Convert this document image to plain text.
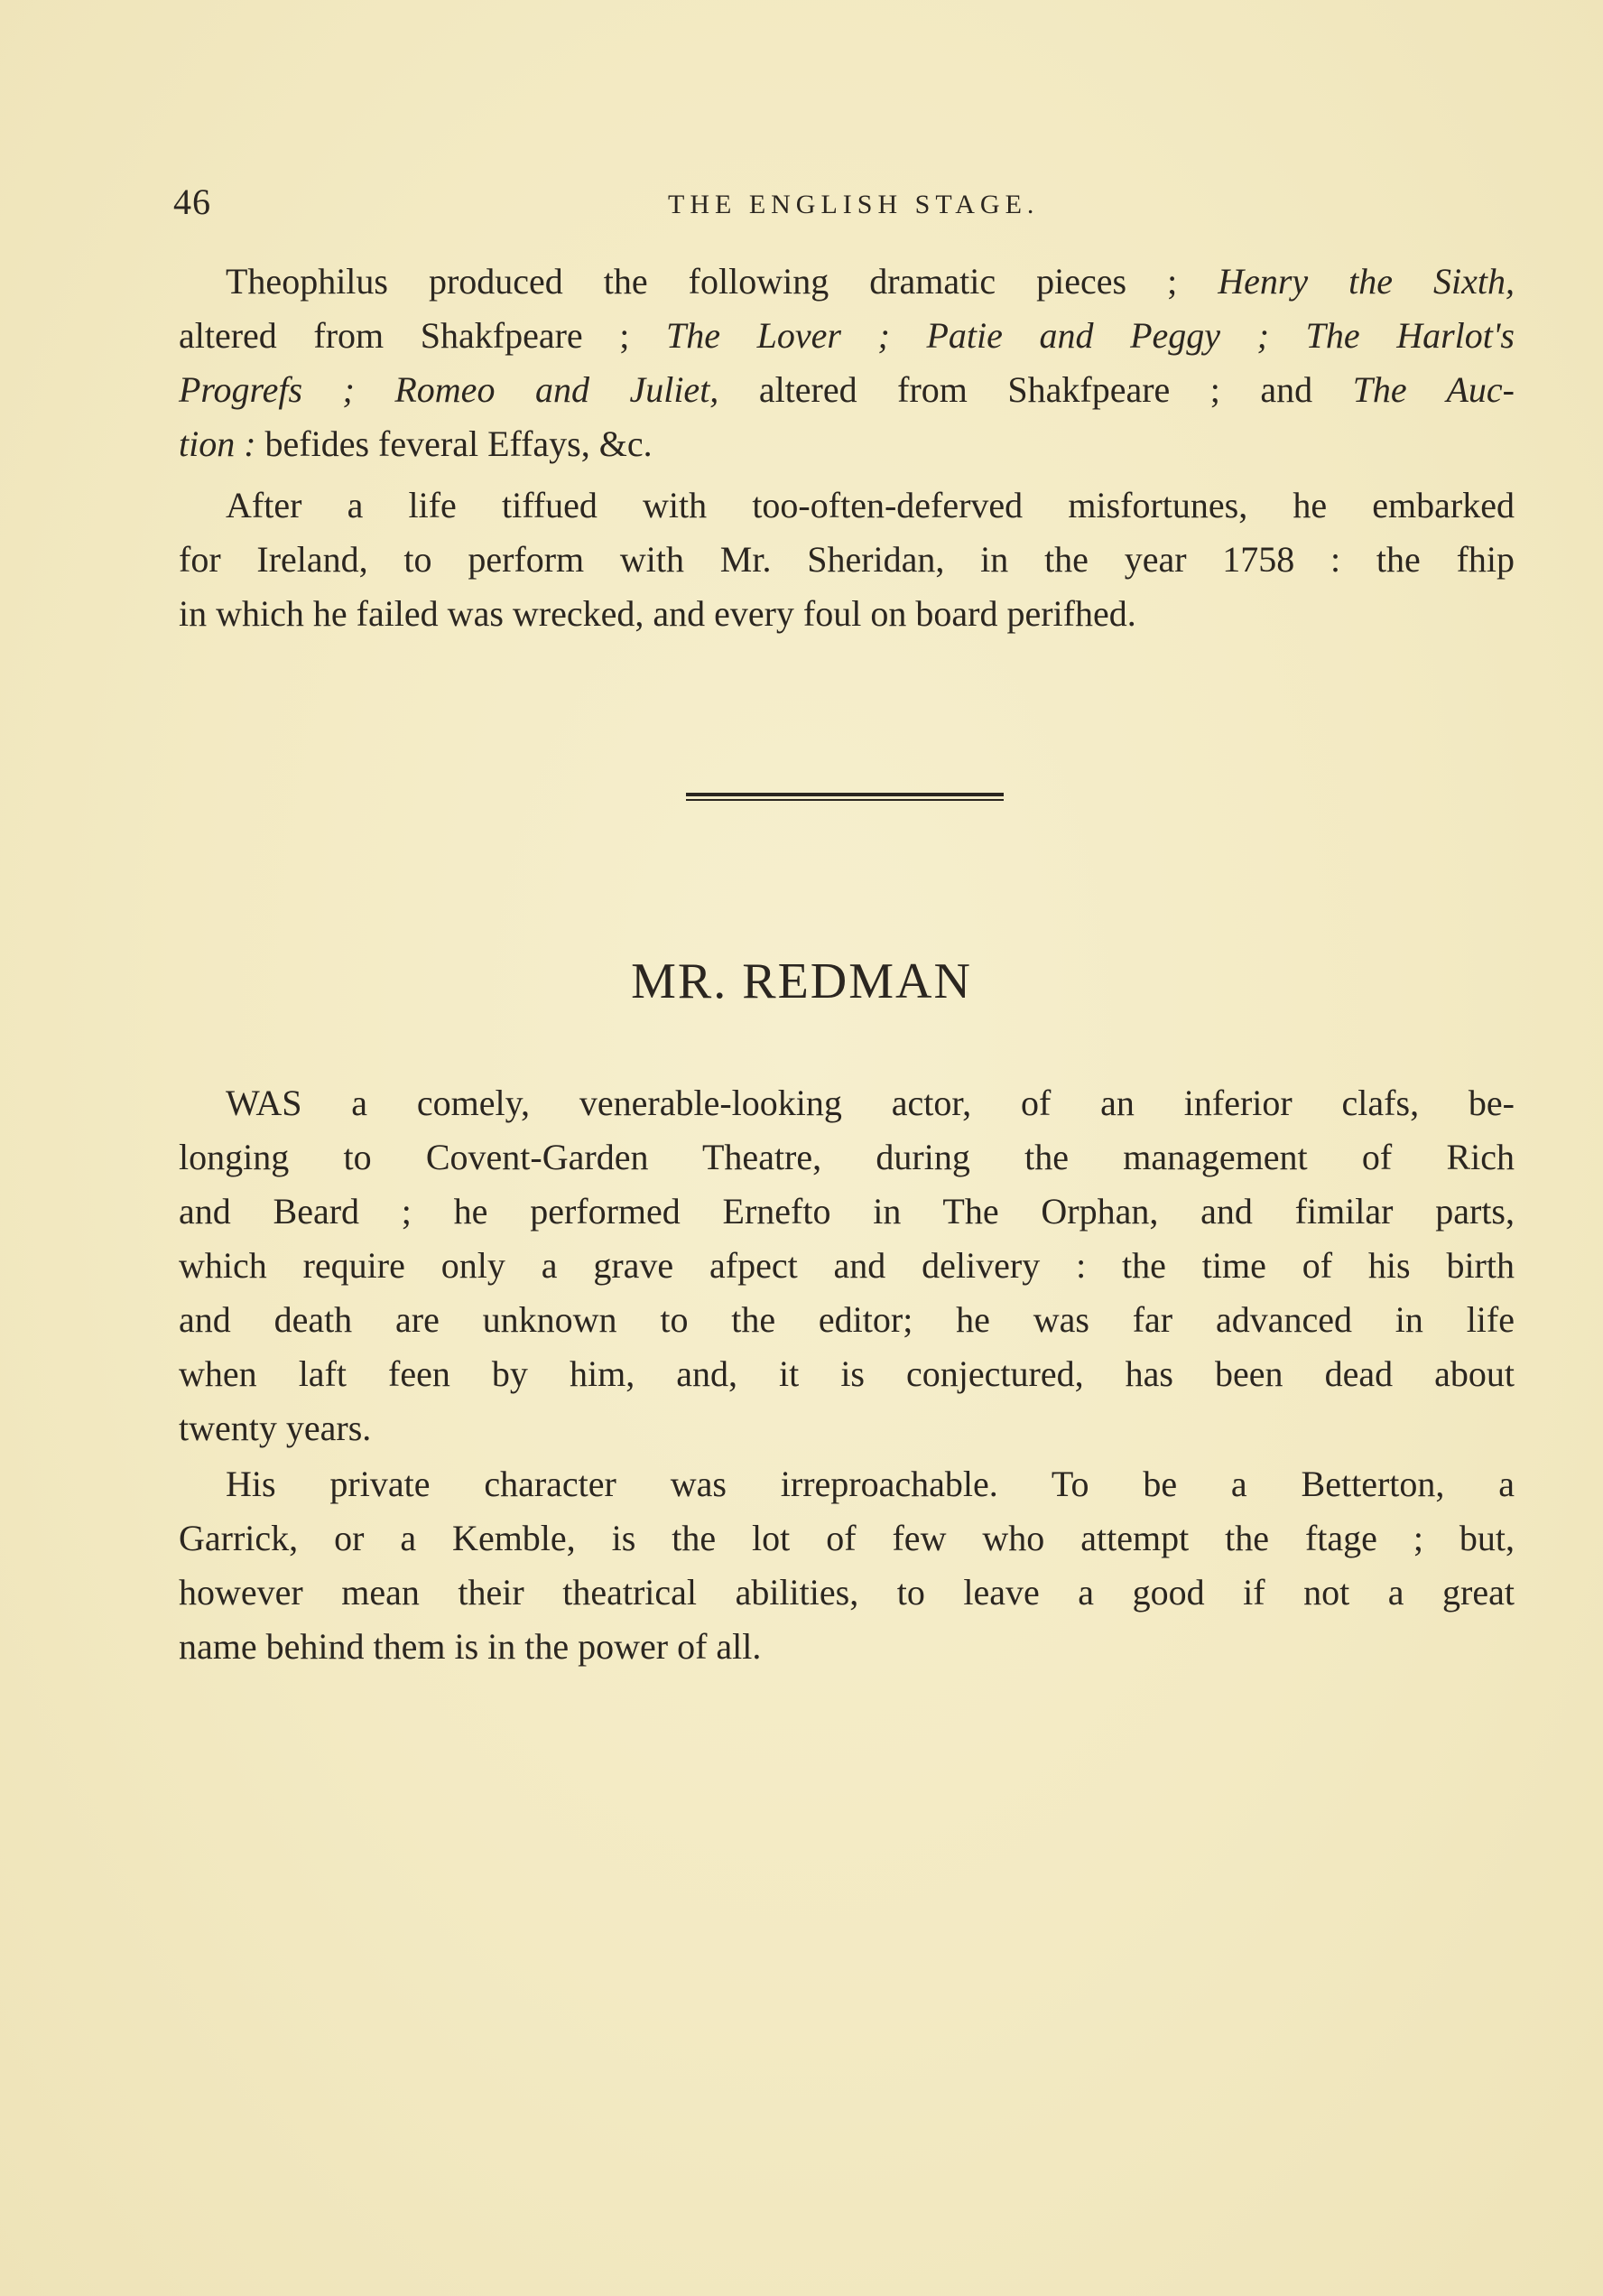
46	THE ENGLISH STAGE.
Theophilus produced the following dramatic pieces ; Henry the Sixth,
altered from Shakfpeare ; The Lover ; Patie and Peggy ; The Harlot's
Progrefs ; Romeo and Juliet, altered from Shakfpeare ; and The Auc-
tion : befides feveral Effays, &c.
After a life tiffued with too-often-deferved misfortunes, he embarked
for Ireland, to perform with Mr. Sheridan, in the year 1758 : the fhip
in which he failed was wrecked, and every foul on board perifhed.
MR. REDMAN
WAS a comely, venerable-looking actor, of an inferior clafs, be-
longing to Covent-Garden Theatre, during the management of Rich
and Beard ; he performed Ernefto in The Orphan, and fimilar parts,
which require only a grave afpect and delivery : the time of his birth
and death are unknown to the editor; he was far advanced in life
when laft feen by him, and, it is conjectured, has been dead about
twenty years.
His private character was irreproachable. To be a Betterton, a
Garrick, or a Kemble, is the lot of few who attempt the ftage ; but,
however mean their theatrical abilities, to leave a good if not a great
name behind them is in the power of all.
